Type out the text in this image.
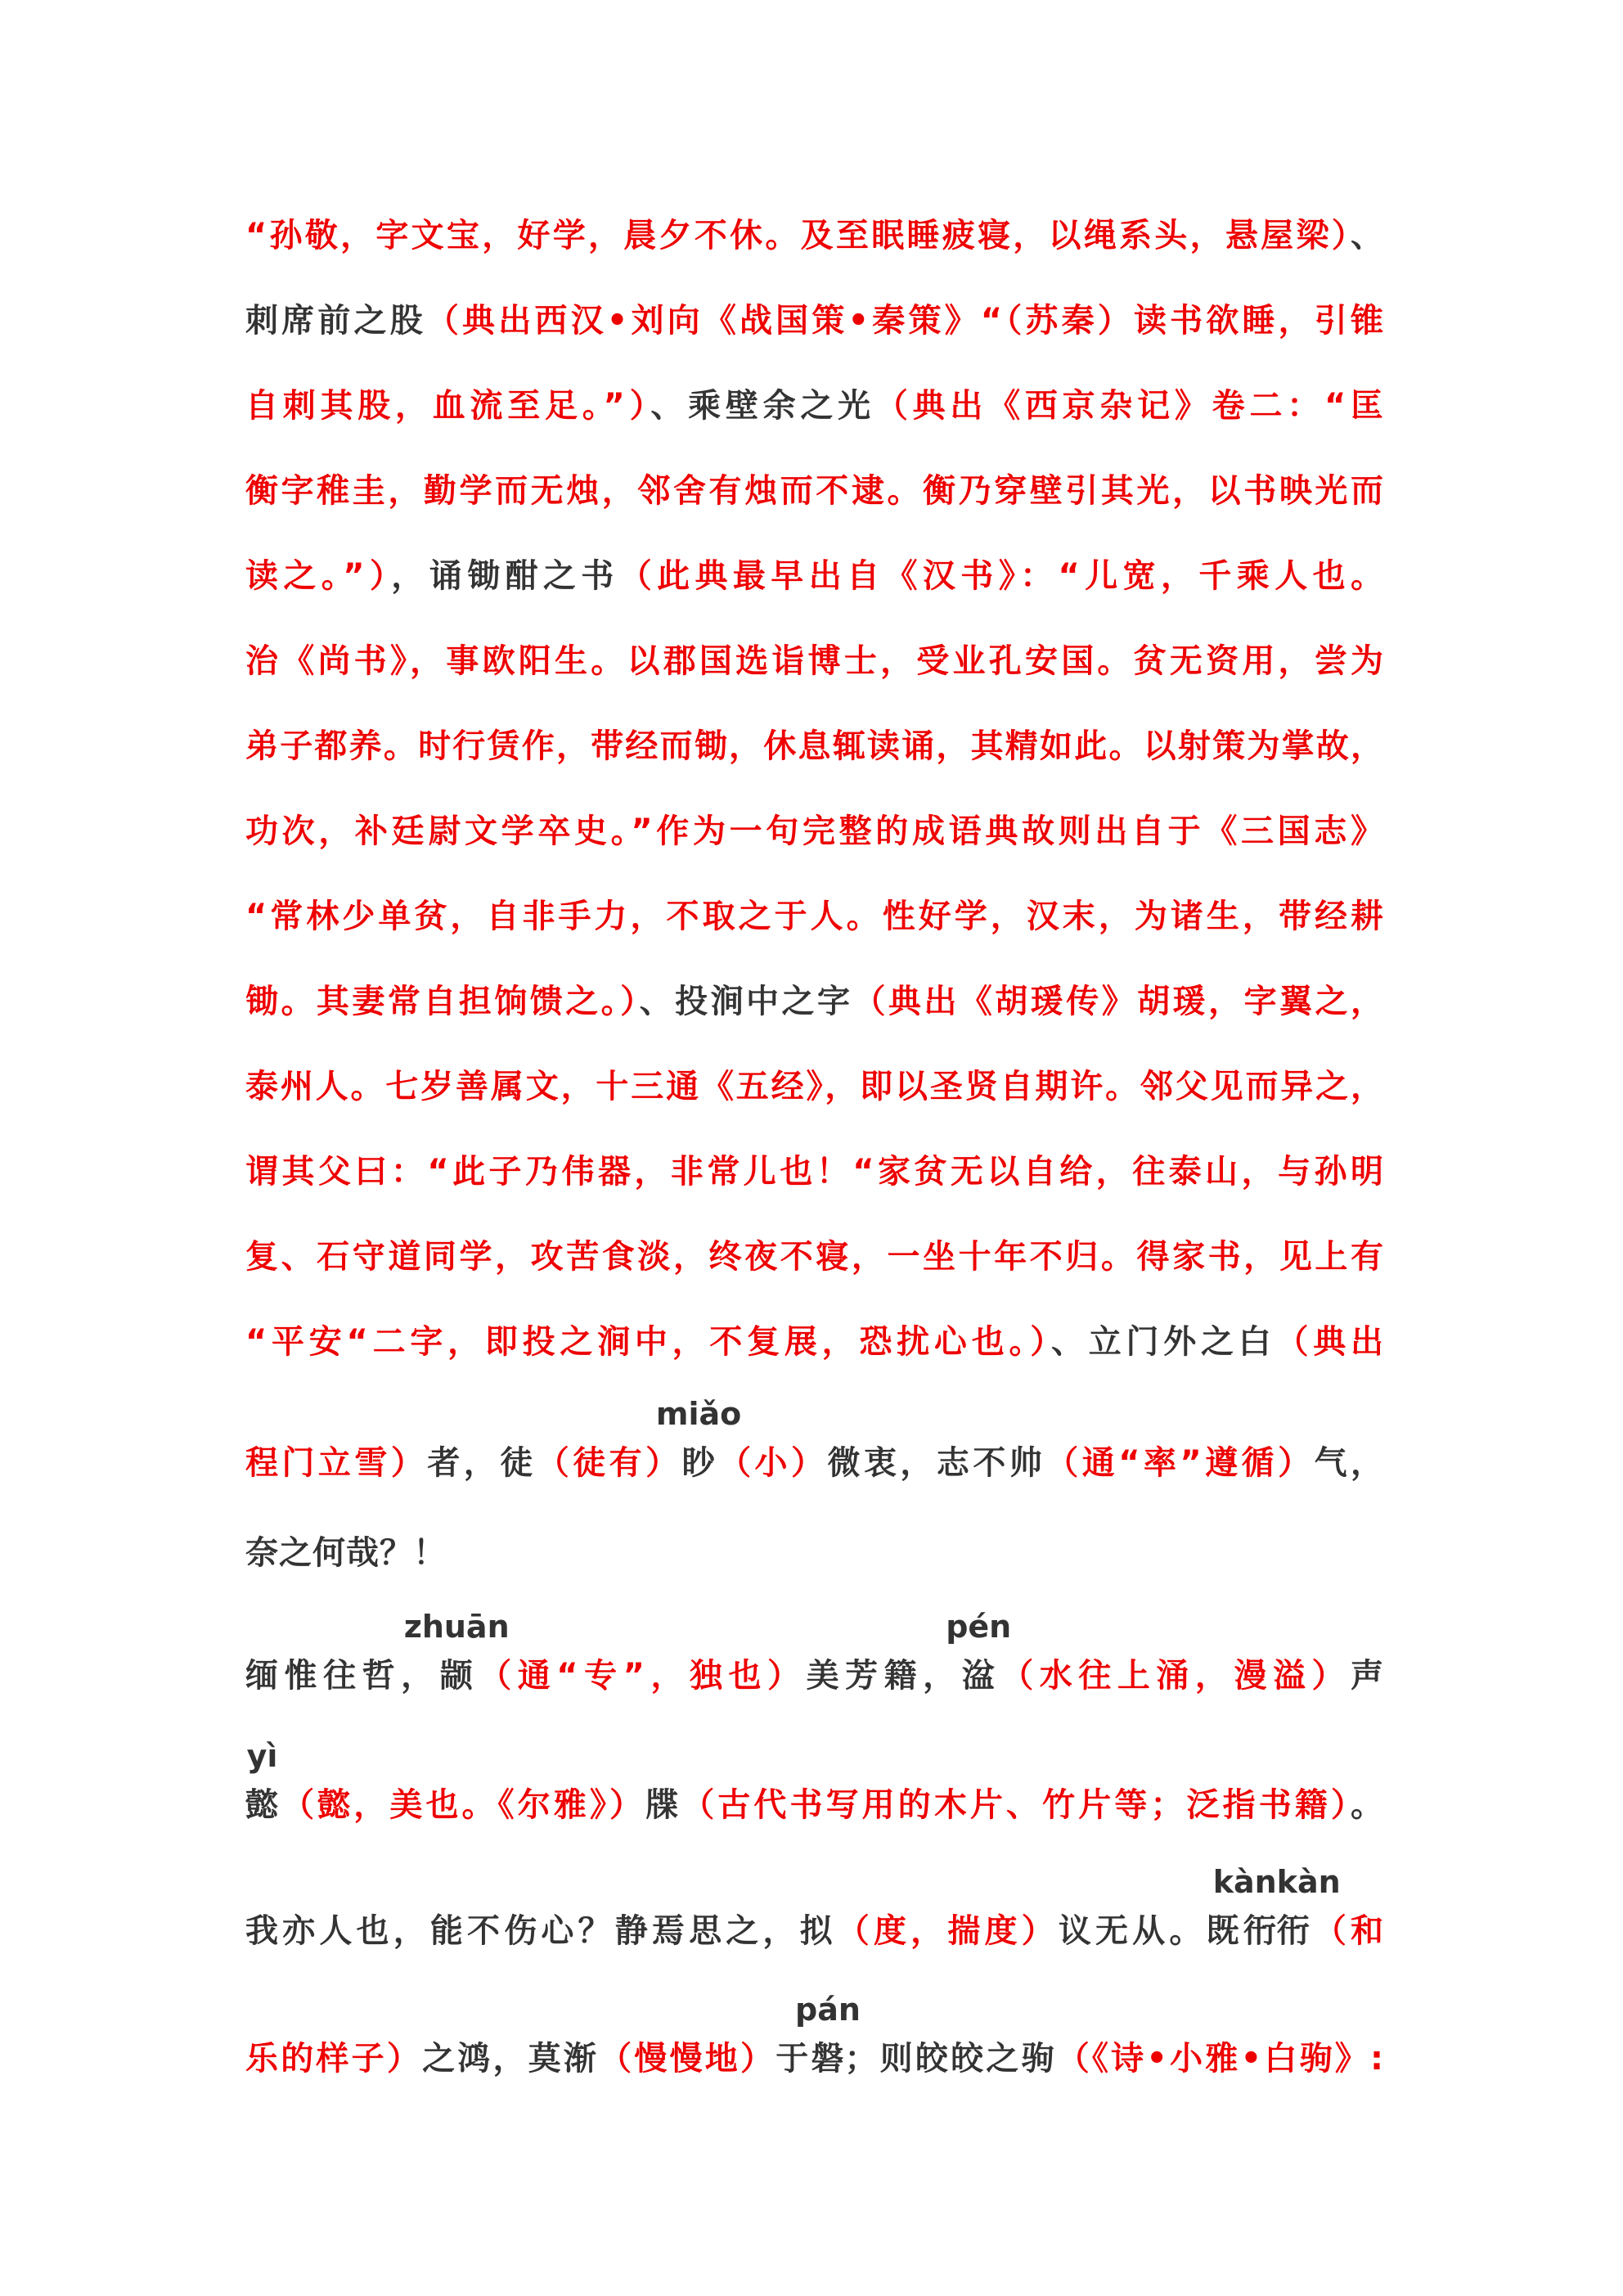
“孙敬，字文宝，好学，晨夕不休。及至眠睡疲寝，以绳系头，悬屋梁）、
刺席前之股（典出西汉•刘向《战国策•秦策》“（苏秦）读书欲睡，引锥
自刺其股，血流至足。”）、乘壁余之光（典出《西京杂记》卷二：“匡
衡字稚圭，勤学而无烛，邻舍有烛而不逮。衡乃穿壁引其光，以书映光而
读之。”），诵锄酣之书（此典最早出自《汉书》：“儿宽，千乘人也。
治《尚书》，事欧阳生。以郡国选诣博士，受业孔安国。贫无资用，尝为
弟子都养。时行赁作，带经而锄，休息辄读诵，其精如此。以射策为掌故，
功次，补廷尉文学卒史。”作为一句完整的成语典故则出自于《三国志》
“常林少单贫，自非手力，不取之于人。性好学，汉末，为诸生，带经耕
锄。其妻常自担饷馈之。）、投涧中之字（典出《胡瑗传》胡瑗，字翼之，
泰州人。七岁善属文，十三通《五经》，即以圣贤自期许。邻父见而异之，
谓其父曰：“此子乃伟器，非常儿也！“家贫无以自给，往泰山，与孙明
复、石守道同学，攻苦食淡，终夜不寝，一坐十年不归。得家书，见上有
“平安“二字，即投之涧中，不复展，恐扰心也。）、立门外之白（典出
程门立雪）者，徒（徒有）
miǎo
眇（小）微衷，志不帅（通“率”遵循）气，
奈之何哉？！
缅惟往哲，
zhuān
颛（通“专”，独也）美芳籍，
pén
湓（水往上涌，漫溢）声
yì
懿（懿，美也。《尔雅》）牒（古代书写用的木片、竹片等；泛指书籍）。
我亦人也，能不伤心？静焉思之，拟（度，揣度）议无从。既
kànkàn
衎衎（和
乐的样子）之鸿，莫渐（慢慢地）于
pán
磐；则皎皎之驹（《诗•小雅•白驹》:
